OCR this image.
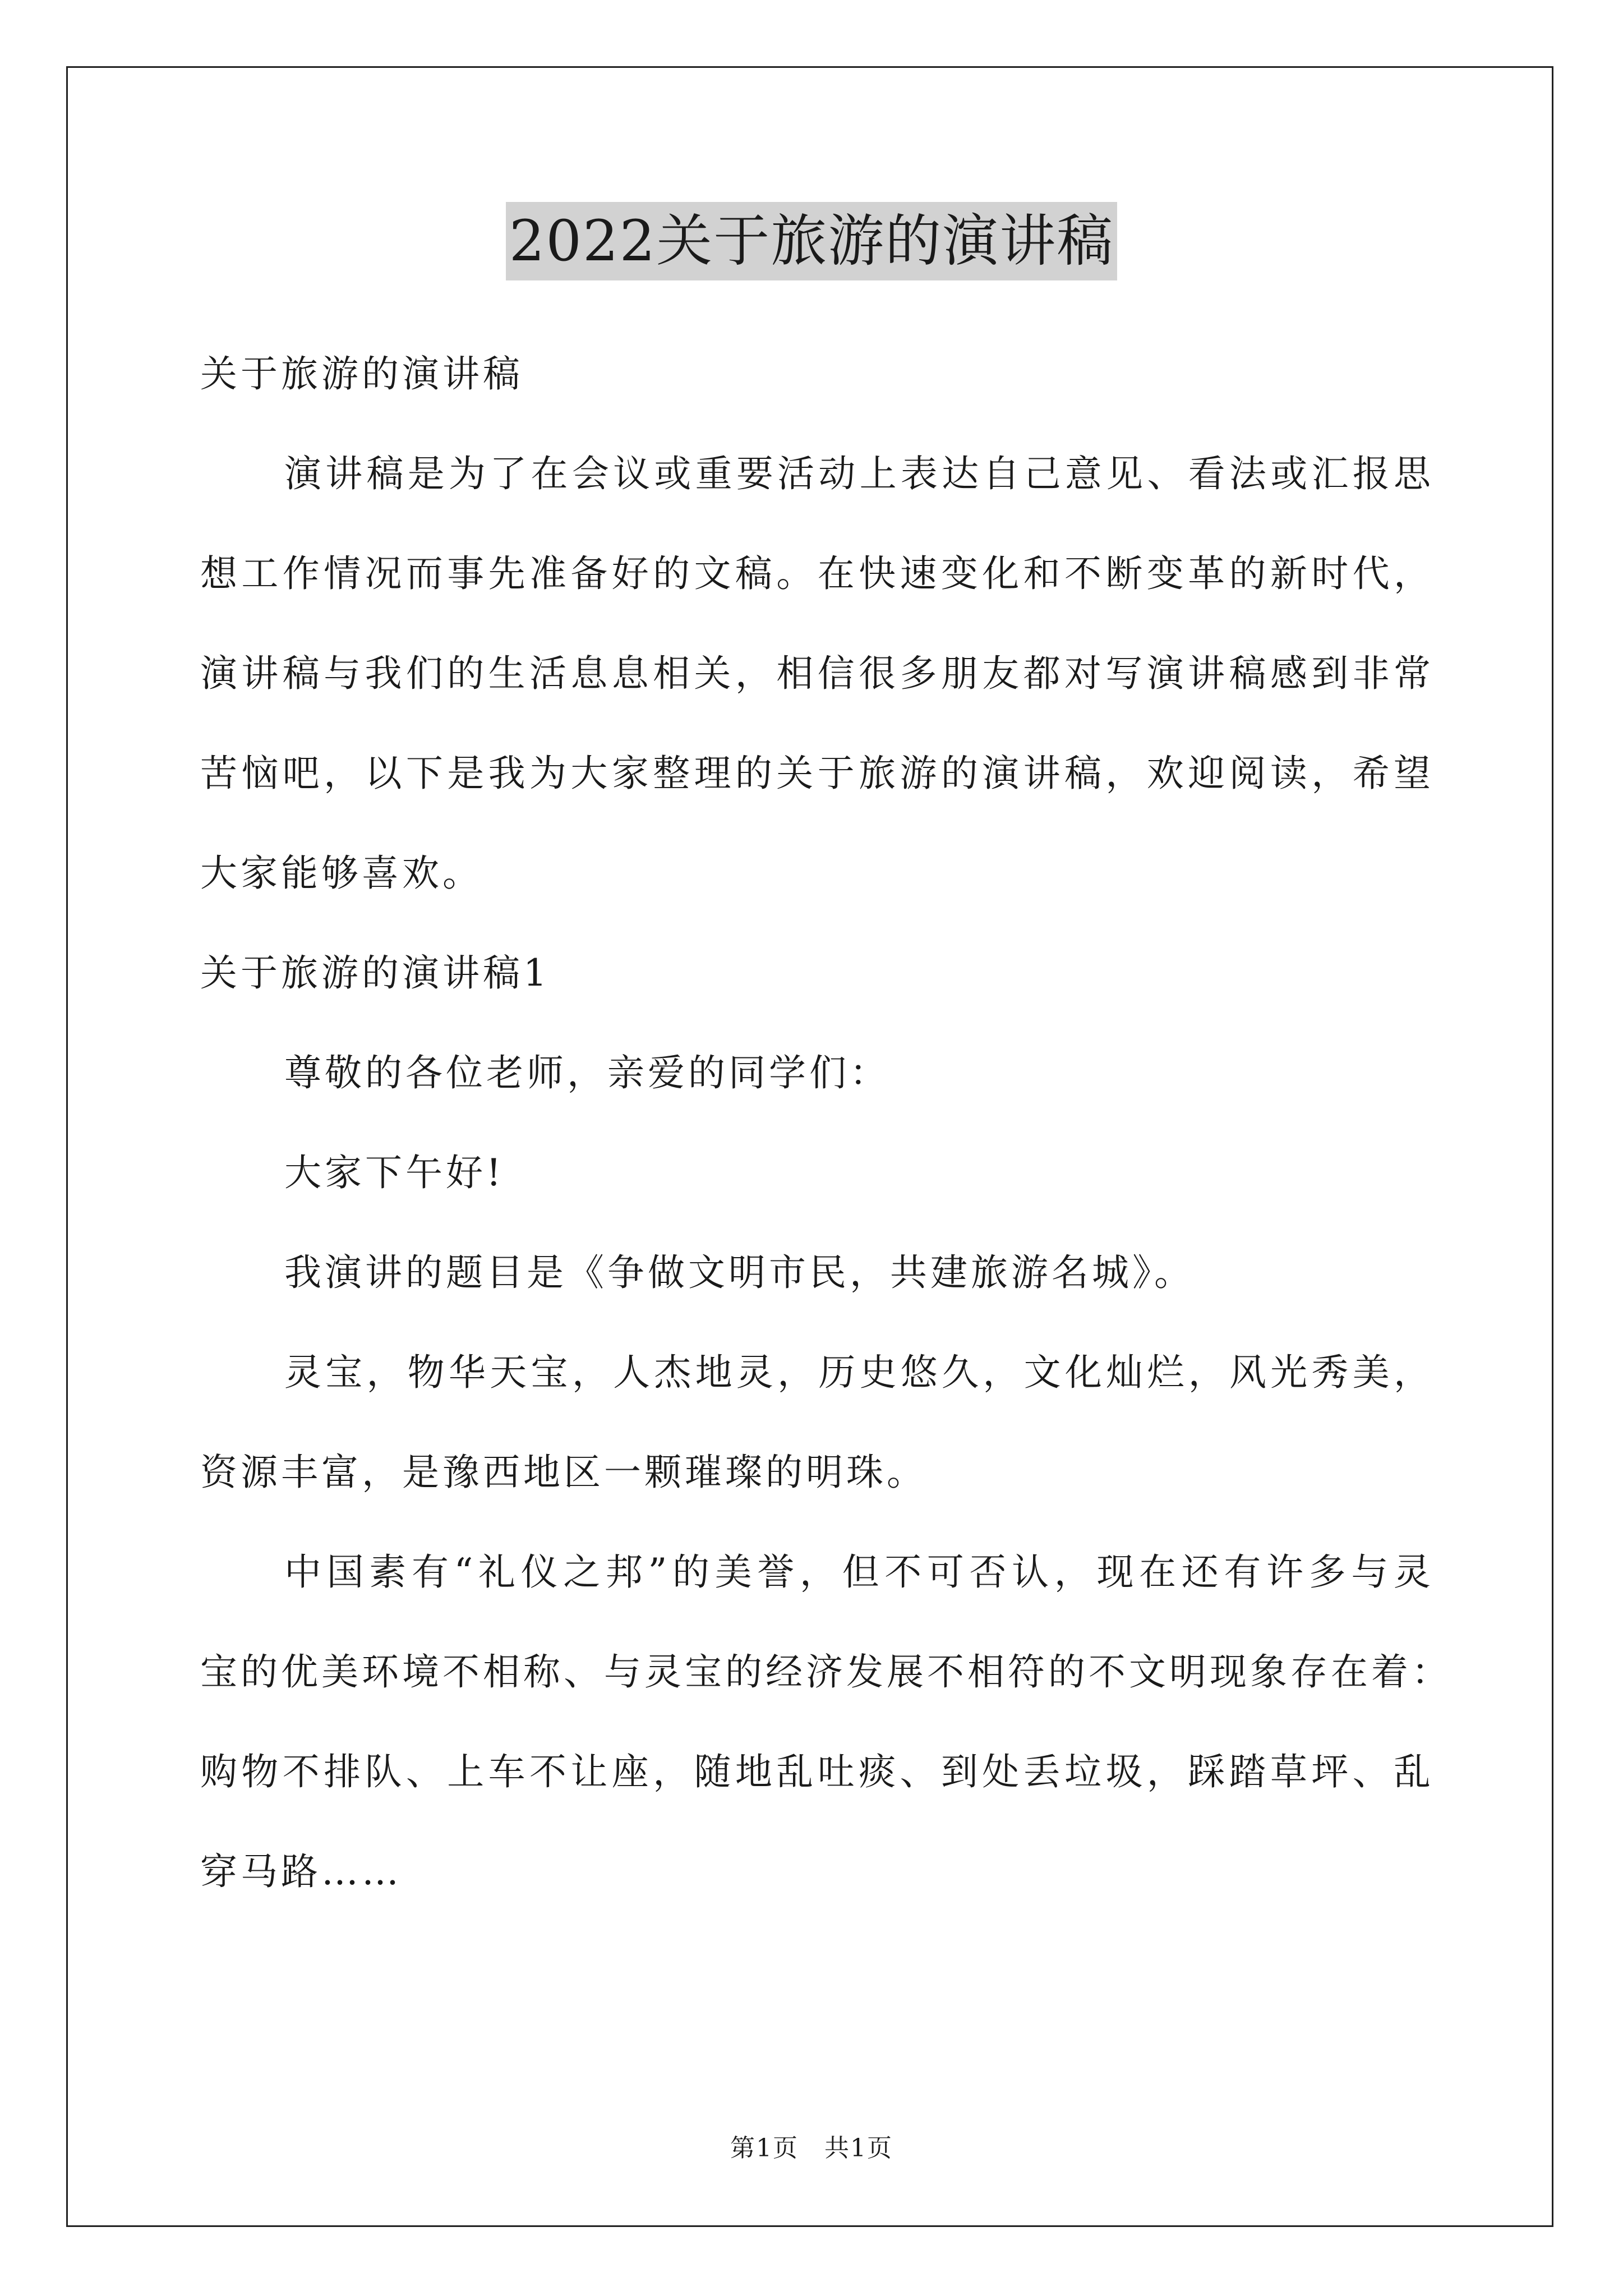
2022关于旅游的演讲稿
关于旅游的演讲稿
演讲稿是为了在会议或重要活动上表达自己意见、看法或汇报思
想工作情况而事先准备好的文稿。在快速变化和不断变革的新时代，
演讲稿与我们的生活息息相关，相信很多朋友都对写演讲稿感到非常
苦恼吧，以下是我为大家整理的关于旅游的演讲稿，欢迎阅读，希望
大家能够喜欢。
关于旅游的演讲稿1
尊敬的各位老师，亲爱的同学们：
大家下午好!
我演讲的题目是《争做文明市民，共建旅游名城》。
灵宝，物华天宝，人杰地灵，历史悠久，文化灿烂，风光秀美，
资源丰富，是豫西地区一颗璀璨的明珠。
中国素有“礼仪之邦”的美誉，但不可否认，现在还有许多与灵
宝的优美环境不相称、与灵宝的经济发展不相符的不文明现象存在着：
购物不排队、上车不让座，随地乱吐痰、到处丢垃圾，踩踏草坪、乱
穿马路……
第1页　共1页
